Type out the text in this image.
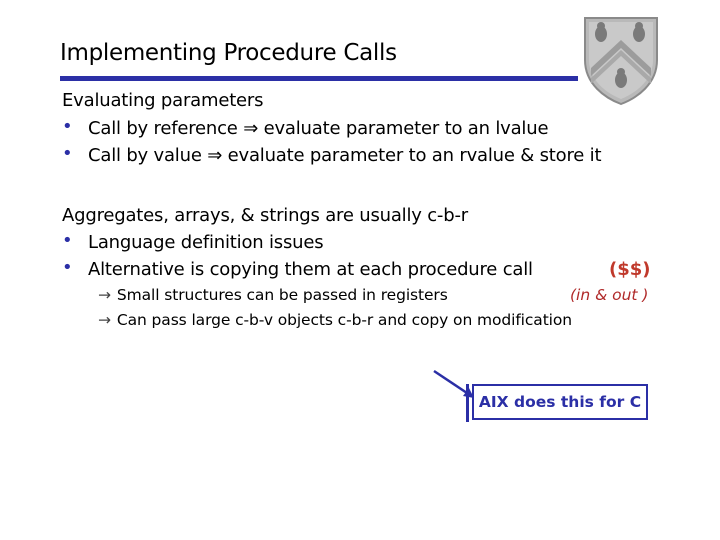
Implementing Procedure Calls
Evaluating parameters
• Call by reference ⇒ evaluate parameter to an lvalue
• Call by value ⇒ evaluate parameter to an rvalue & store it
Aggregates, arrays, & strings are usually c-b-r
• Language definition issues
• Alternative is copying them at each procedure call	($$)
→ Small structures can be passed in registers	(in & out )
→ Can pass large c-b-v objects c-b-r and copy on modification
AIX does this for C
